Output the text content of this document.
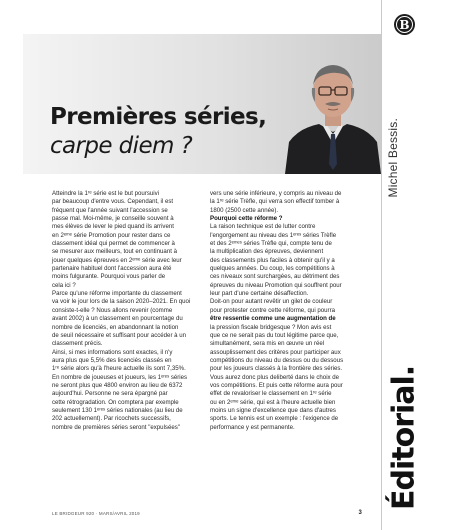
Premières séries,
carpe diem ?

Atteindre la 1ʳᵉ série est le but poursuivi

par beaucoup d'entre vous. Cependant, il est

fréquent que l'année suivant l'accession se

passe mal. Moi-même, je conseille souvent à

mes élèves de lever le pied quand ils arrivent

en 2ᵉᵐᵉ série Promotion pour rester dans ce

classement idéal qui permet de commencer à

se mesurer aux meilleurs, tout en continuant à

jouer quelques épreuves en 2ᵉᵐᵉ série avec leur

partenaire habituel dont l'accession aura été

moins fulgurante. Pourquoi vous parler de

cela ici ?

Parce qu'une réforme importante du classement

va voir le jour lors de la saison 2020–2021. En quoi

consiste-t-elle ? Nous allons revenir (comme

avant 2002) à un classement en pourcentage du

nombre de licenciés, en abandonnant la notion

de seuil nécessaire et suffisant pour accéder à un

classement précis.

Ainsi, si mes informations sont exactes, il n'y

aura plus que 5,5% des licenciés classés en

1ʳᵉ série alors qu'à l'heure actuelle ils sont 7,35%.

En nombre de joueuses et joueurs, les 1ᵉʳᵉˢ séries

ne seront plus que 4800 environ au lieu de 6372

aujourd'hui. Personne ne sera épargné par

cette rétrogradation. On comptera par exemple

seulement 130 1ᵉʳᵉˢ séries nationales (au lieu de

202 actuellement). Par ricochets successifs,

nombre de premières séries seront "expulsées"

vers une série inférieure, y compris au niveau de

la 1ʳᵉ série Trèfle, qui verra son effectif tomber à

1800 (2500 cette année).

Pourquoi cette réforme ?

La raison technique est de lutter contre

l'engorgement au niveau des 1ᵉʳᵉˢ séries Trèfle

et des 2ᵉᵐᵉˢ séries Trèfle qui, compte tenu de

la multiplication des épreuves, deviennent

des classements plus faciles à obtenir qu'il y a

quelques années. Du coup, les compétitions à

ces niveaux sont surchargées, au détriment des

épreuves du niveau Promotion qui souffrent pour

leur part d'une certaine désaffection.

Doit-on pour autant revêtir un gilet de couleur

pour protester contre cette réforme, qui pourra

être ressentie comme une augmentation de

la pression fiscale bridgesque ? Mon avis est

que ce ne serait pas du tout légitime parce que,

simultanément, sera mis en œuvre un réel

assouplissement des critères pour participer aux

compétitions du niveau du dessus ou du dessous

pour les joueurs classés à la frontière des séries.

Vous aurez donc plus deliberté dans le choix de

vos compétitions. Et puis cette réforme aura pour

effet de revaloriser le classement en 1ʳᵉ série

ou en 2ᵉᵐᵉ série, qui est à l'heure actuelle bien

moins un signe d'excellence que dans d'autres

sports. Le tennis est un exemple : l'exigence de

performance y est permanente.

B
Michel Bessis.
Éditorial.
LE BRIDGEUR 920 · MARS/AVRIL 2019	3
